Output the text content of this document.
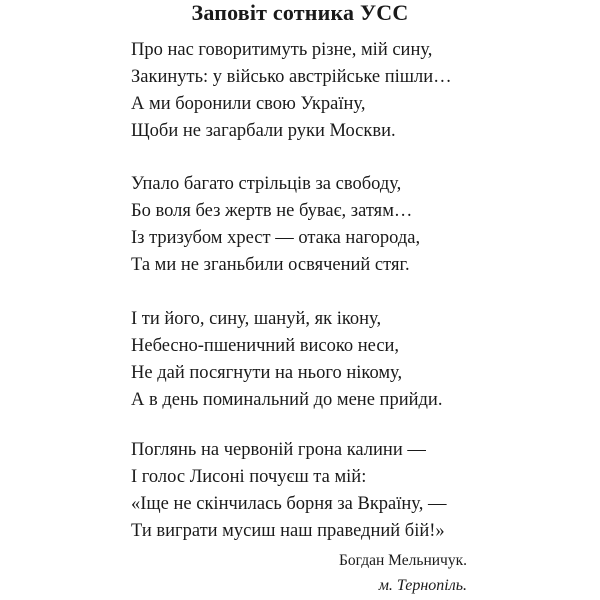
Заповіт сотника УСС
Про нас говоритимуть різне, мій сину,
Закинуть: у військо австрійське пішли…
А ми боронили свою Україну,
Щоби не загарбали руки Москви.
Упало багато стрільців за свободу,
Бо воля без жертв не буває, затям…
Із тризубом хрест — отака нагорода,
Та ми не зганьбили освячений стяг.
І ти його, сину, шануй, як ікону,
Небесно-пшеничний високо неси,
Не дай посягнути на нього нікому,
А в день поминальний до мене прийди.
Поглянь на червоній грона калини —
І голос Лисоні почуєш та мій:
«Іще не скінчилась борня за Вкраїну, —
Ти виграти мусиш наш праведний бій!»
Богдан Мельничук.
м. Тернопіль.
